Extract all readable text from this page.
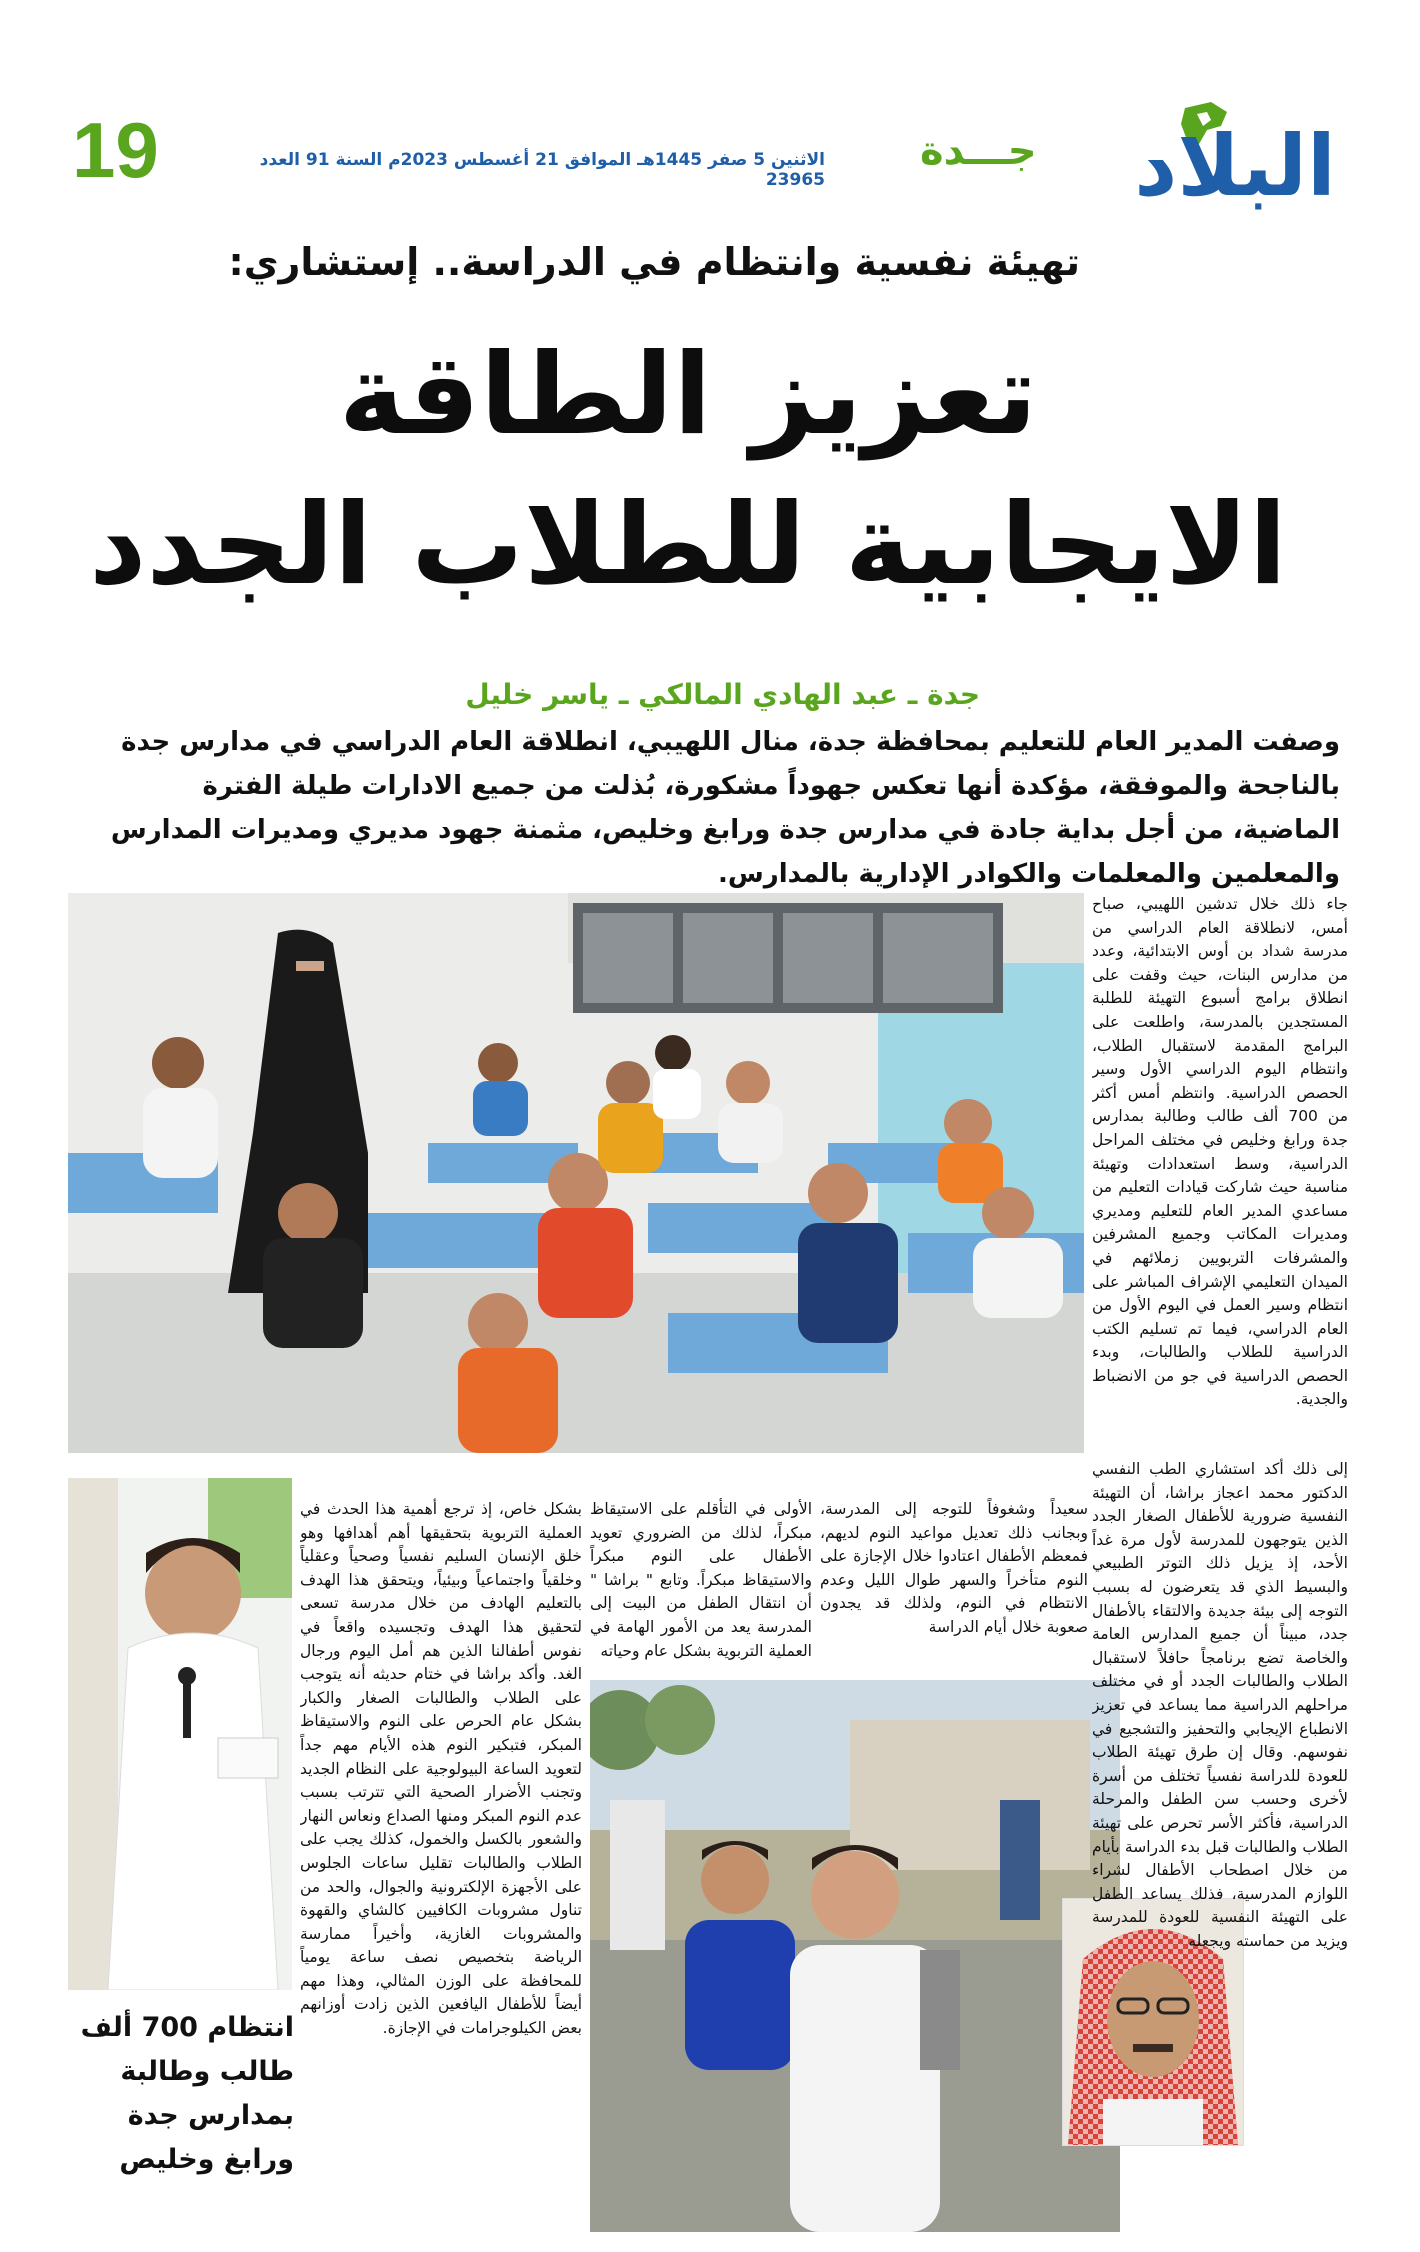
البلاد
جـــدة
الاثنين 5 صفر 1445هـ الموافق 21 أغسطس 2023م السنة 91 العدد 23965
19
تهيئة نفسية وانتظام في الدراسة.. إستشاري:
تعزيز الطاقة
الايجابية للطلاب الجدد
جدة ـ عبد الهادي المالكي ـ ياسر خليل
وصفت المدير العام للتعليم بمحافظة جدة، منال اللهيبي، انطلاقة العام الدراسي في مدارس جدة بالناجحة والموفقة، مؤكدة أنها تعكس جهوداً مشكورة، بُذلت من جميع الادارات طيلة الفترة الماضية، من أجل بداية جادة في مدارس جدة ورابغ وخليص، مثمنة جهود مديري ومديرات المدارس والمعلمين والمعلمات والكوادر الإدارية بالمدارس.

جاء ذلك خلال تدشين اللهيبي، صباح أمس، لانطلاقة العام الدراسي من مدرسة شداد بن أوس الابتدائية، وعدد من مدارس البنات، حيث وقفت على انطلاق برامج أسبوع التهيئة للطلبة المستجدين بالمدرسة، واطلعت على البرامج المقدمة لاستقبال الطلاب، وانتظام اليوم الدراسي الأول وسير الحصص الدراسية. وانتظم أمس أكثر من 700 ألف طالب وطالبة بمدارس جدة ورابغ وخليص في مختلف المراحل الدراسية، وسط استعدادات وتهيئة مناسبة حيث شاركت قيادات التعليم من مساعدي المدير العام للتعليم ومديري ومديرات المكاتب وجميع المشرفين والمشرفات التربويين زملائهم في الميدان التعليمي الإشراف المباشر على انتظام وسير العمل في اليوم الأول من العام الدراسي، فيما تم تسليم الكتب الدراسية للطلاب والطالبات، وبدء الحصص الدراسية في جو من الانضباط والجدية.

إلى ذلك أكد استشاري الطب النفسي الدكتور محمد اعجاز براشا، أن التهيئة النفسية ضرورية للأطفال الصغار الجدد الذين يتوجهون للمدرسة لأول مرة غداً الأحد، إذ يزيل ذلك التوتر الطبيعي والبسيط الذي قد يتعرضون له بسبب التوجه إلى بيئة جديدة والالتقاء بالأطفال جدد، مبيناً أن جميع المدارس العامة والخاصة تضع برنامجاً حافلاً لاستقبال الطلاب والطالبات الجدد أو في مختلف مراحلهم الدراسية مما يساعد في تعزيز الانطباع الإيجابي والتحفيز والتشجيع في نفوسهم. وقال إن طرق تهيئة الطلاب للعودة للدراسة نفسياً تختلف من أسرة لأخرى وحسب سن الطفل والمرحلة الدراسية، فأكثر الأسر تحرص على تهيئة الطلاب والطالبات قبل بدء الدراسة بأيام من خلال اصطحاب الأطفال لشراء اللوازم المدرسية، فذلك يساعد الطفل على التهيئة النفسية للعودة للمدرسة ويزيد من حماسته ويجعله

سعيداً وشغوفاً للتوجه إلى المدرسة، وبجانب ذلك تعديل مواعيد النوم لديهم، فمعظم الأطفال اعتادوا خلال الإجازة على النوم متأخراً والسهر طوال الليل وعدم الانتظام في النوم، ولذلك قد يجدون صعوبة خلال أيام الدراسة

الأولى في التأقلم على الاستيقاظ مبكراً، لذلك من الضروري تعويد الأطفال على النوم مبكراً والاستيقاظ مبكراً. وتابع " براشا " أن انتقال الطفل من البيت إلى المدرسة يعد من الأمور الهامة في العملية التربوية بشكل عام وحياته

بشكل خاص، إذ ترجع أهمية هذا الحدث في العملية التربوية بتحقيقها أهم أهدافها وهو خلق الإنسان السليم نفسياً وصحياً وعقلياً وخلقياً واجتماعياً وبيئياً، ويتحقق هذا الهدف بالتعليم الهادف من خلال مدرسة تسعى لتحقيق هذا الهدف وتجسيده واقعاً في نفوس أطفالنا الذين هم أمل اليوم ورجال الغد. وأكد براشا في ختام حديثه أنه يتوجب على الطلاب والطالبات الصغار والكبار بشكل عام الحرص على النوم والاستيقاظ المبكر، فتبكير النوم هذه الأيام مهم جداً لتعويد الساعة البيولوجية على النظام الجديد وتجنب الأضرار الصحية التي تترتب بسبب عدم النوم المبكر ومنها الصداع ونعاس النهار والشعور بالكسل والخمول، كذلك يجب على الطلاب والطالبات تقليل ساعات الجلوس على الأجهزة الإلكترونية والجوال، والحد من تناول مشروبات الكافيين كالشاي والقهوة والمشروبات الغازية، وأخيراً ممارسة الرياضة بتخصيص نصف ساعة يومياً للمحافظة على الوزن المثالي، وهذا مهم أيضاً للأطفال اليافعين الذين زادت أوزانهم بعض الكيلوجرامات في الإجازة.

انتظام 700 ألف طالب وطالبة بمدارس جدة ورابغ وخليص
